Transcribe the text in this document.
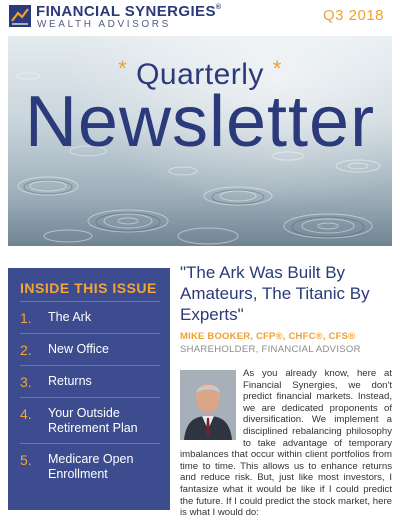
FINANCIAL SYNERGIES®
WEALTH ADVISORS
Q3 2018
* Quarterly *
Newsletter
INSIDE THIS ISSUE
1.	The Ark
2.	New Office
3.	Returns
4.	Your Outside Retirement Plan
5.	Medicare Open Enrollment
"The Ark Was Built By Amateurs, The Titanic By Experts"
MIKE BOOKER, CFP®, CHFC®, CFS®
SHAREHOLDER, FINANCIAL ADVISOR

As you already know, here at Financial Synergies, we don't predict financial markets. Instead, we are dedicated proponents of diversification. We implement a disciplined rebalancing philosophy to take advantage of temporary imbalances that occur within client portfolios from time to time. This allows us to enhance returns and reduce risk. But, just like most investors, I fantasize what it would be like if I could predict the future. If I could predict the stock market, here is what I would do:
